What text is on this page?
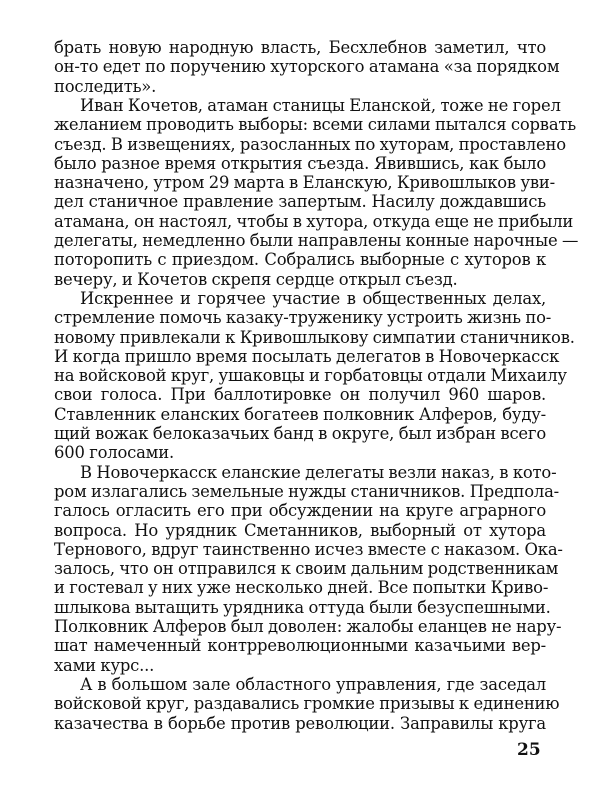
брать новую народную власть, Бесхлебнов заметил, что
он-то едет по поручению хуторского атамана «за порядком
последить».
Иван Кочетов, атаман станицы Еланской, тоже не горел
желанием проводить выборы: всеми силами пытался сорвать
съезд. В извещениях, разосланных по хуторам, проставлено
было разное время открытия съезда. Явившись, как было
назначено, утром 29 марта в Еланскую, Кривошлыков уви-
дел станичное правление запертым. Насилу дождавшись
атамана, он настоял, чтобы в хутора, откуда еще не прибыли
делегаты, немедленно были направлены конные нарочные —
поторопить с приездом. Собрались выборные с хуторов к
вечеру, и Кочетов скрепя сердце открыл съезд.
Искреннее и горячее участие в общественных делах,
стремление помочь казаку-труженику устроить жизнь по-
новому привлекали к Кривошлыкову симпатии станичников.
И когда пришло время посылать делегатов в Новочеркасск
на войсковой круг, ушаковцы и горбатовцы отдали Михаилу
свои голоса. При баллотировке он получил 960 шаров.
Ставленник еланских богатеев полковник Алферов, буду-
щий вожак белоказачьих банд в округе, был избран всего
600 голосами.
В Новочеркасск еланские делегаты везли наказ, в кото-
ром излагались земельные нужды станичников. Предпола-
галось огласить его при обсуждении на круге аграрного
вопроса. Но урядник Сметанников, выборный от хутора
Тернового, вдруг таинственно исчез вместе с наказом. Ока-
залось, что он отправился к своим дальним родственникам
и гостевал у них уже несколько дней. Все попытки Криво-
шлыкова вытащить урядника оттуда были безуспешными.
Полковник Алферов был доволен: жалобы еланцев не нару-
шат намеченный контрреволюционными казачьими вер-
хами курс...
А в большом зале областного управления, где заседал
войсковой круг, раздавались громкие призывы к единению
казачества в борьбе против революции. Заправилы круга
25
